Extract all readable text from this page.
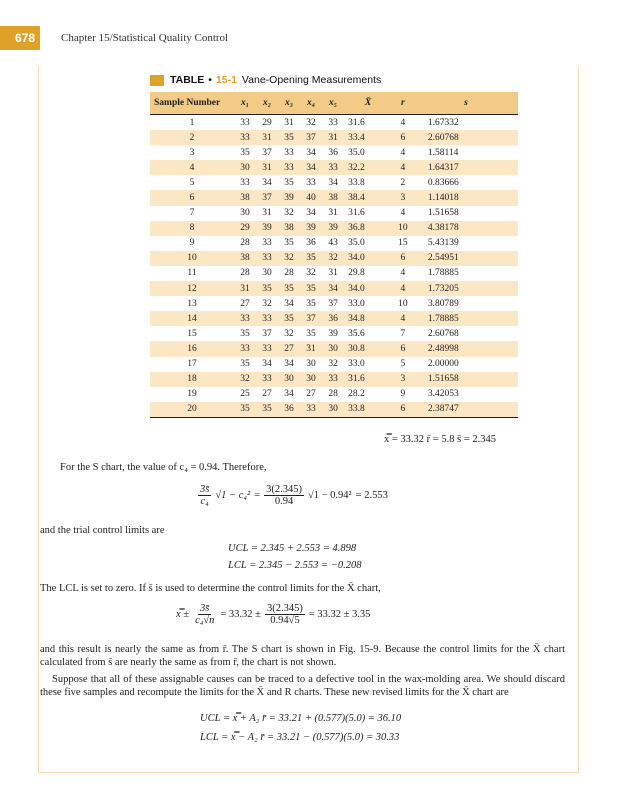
678	Chapter 15/Statistical Quality Control
TABLE • 15-1 Vane-Opening Measurements
Sample Number	x₁	x₂	x₃	x₄	x₅	X̄	r	s
1	33	29	31	32	33	31.6	4	1.67332
2	33	31	35	37	31	33.4	6	2.60768
3	35	37	33	34	36	35.0	4	1.58114
4	30	31	33	34	33	32.2	4	1.64317
5	33	34	35	33	34	33.8	2	0.83666
6	38	37	39	40	38	38.4	3	1.14018
7	30	31	32	34	31	31.6	4	1.51658
8	29	39	38	39	39	36.8	10	4.38178
9	28	33	35	36	43	35.0	15	5.43139
10	38	33	32	35	32	34.0	6	2.54951
11	28	30	28	32	31	29.8	4	1.78885
12	31	35	35	35	34	34.0	4	1.73205
13	27	32	34	35	37	33.0	10	3.80789
14	33	33	35	37	36	34.8	4	1.78885
15	35	37	32	35	39	35.6	7	2.60768
16	33	33	27	31	30	30.8	6	2.48998
17	35	34	34	30	32	33.0	5	2.00000
18	32	33	30	30	33	31.6	3	1.51658
19	25	27	34	27	28	28.2	9	3.42053
20	35	35	36	33	30	33.8	6	2.38747
x̿ = 33.32 r̄ = 5.8 s̄ = 2.345
For the S chart, the value of c₄ = 0.94. Therefore,
$\frac{3s̄}{\text{c₄}} √1 - c_4^2 = \frac{3(2.345)}{0.94} √1 - 0.94^2 = 2.553$
and the trial control limits are
UCL = 2.345 + 2.553 = 4.898
LCL = 2.345 − 2.553 = −0.208
The LCL is set to zero. If s̄ is used to determine the control limits for the X̄ chart,
x̿ ± $\frac{3s̄}{\text{c₄√n}} = 33.32 \pm \frac{3(2.345)}{0.94√5} = 33.32 \pm 3.35$
and this result is nearly the same as from r̄. The S chart is shown in Fig. 15-9. Because the control limits for the X̄ chart calculated from s̄ are nearly the same as from r̄, the chart is not shown.
Suppose that all of these assignable causes can be traced to a defective tool in the wax-molding area. We should discard these five samples and recompute the limits for the X̄ and R charts. These new revised limits for the X̄ chart are
UCL = x̿ + A₂ r̄ = 33.21 + (0.577)(5.0) = 36.10
LCL = x̿ − A₂ r̄ = 33.21 − (0.577)(5.0) = 30.33
